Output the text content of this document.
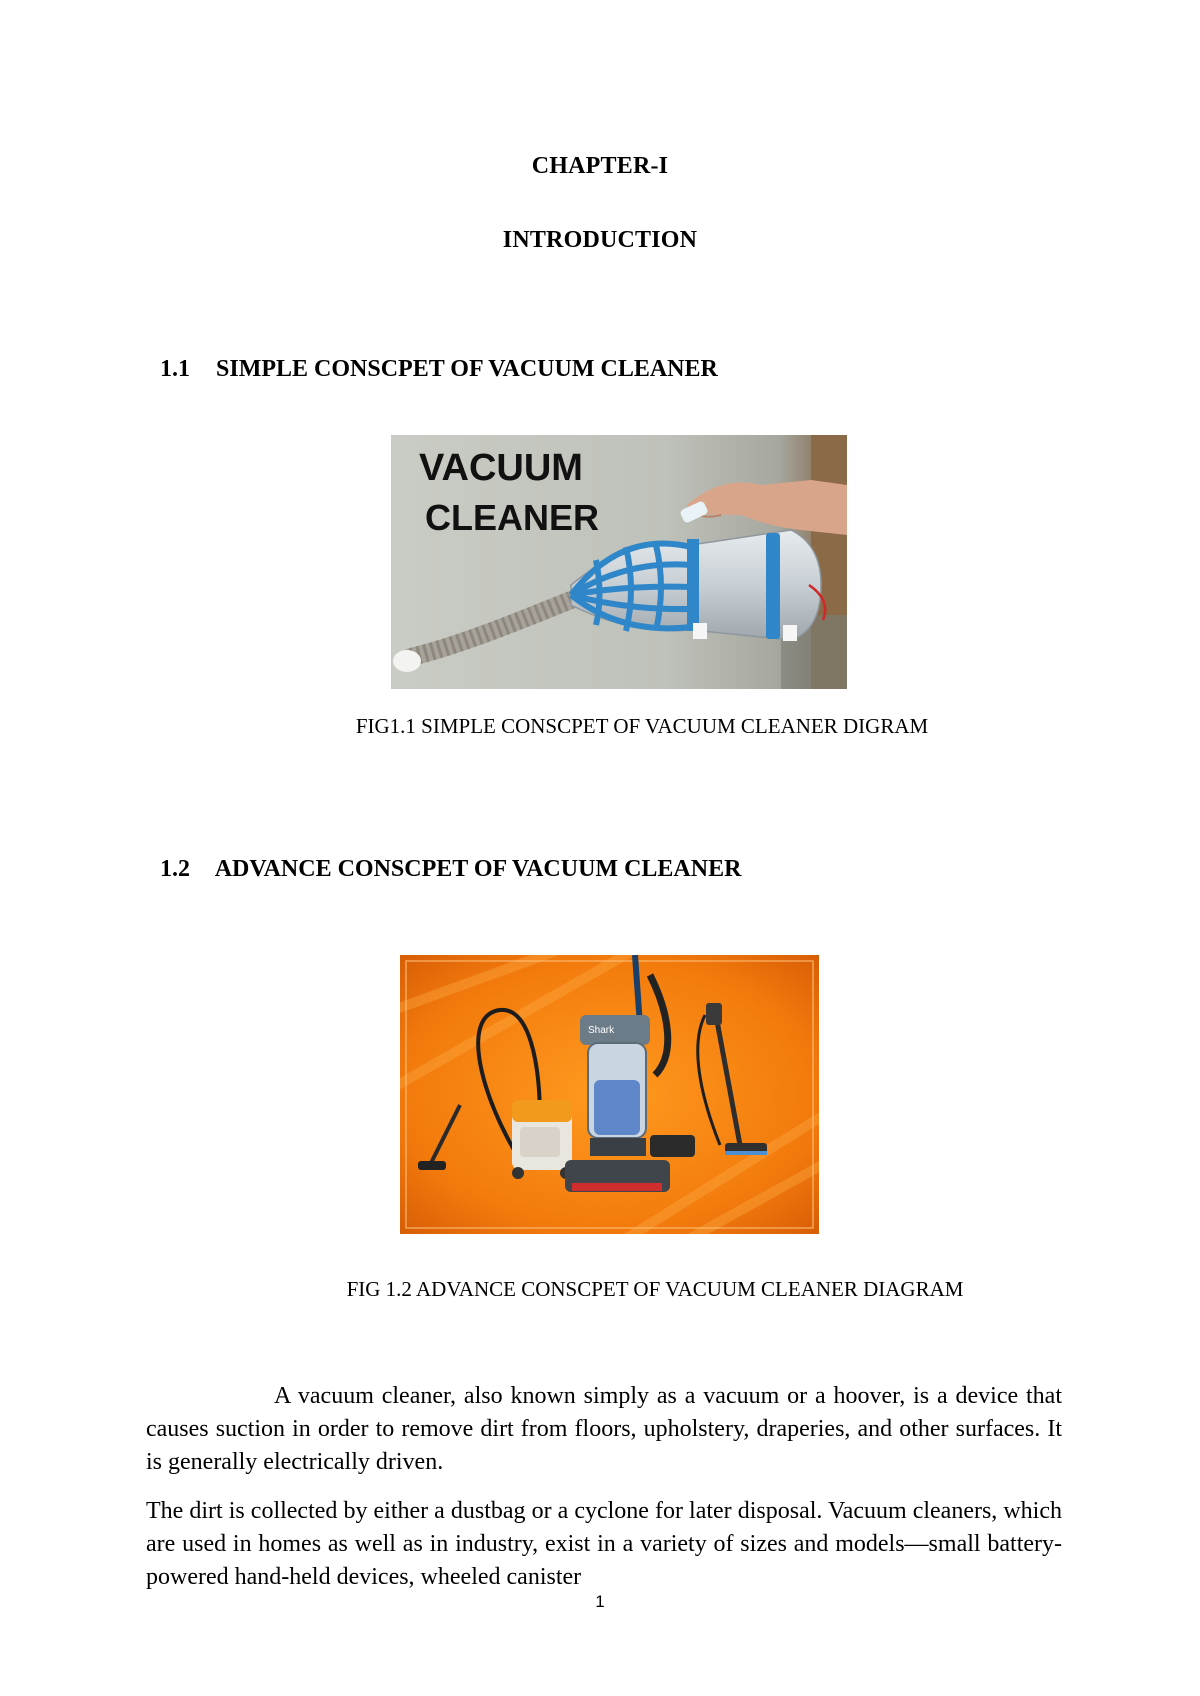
CHAPTER-I
INTRODUCTION
1.1 SIMPLE CONSCPET OF VACUUM CLEANER
VACUUM
CLEANER
FIG1.1 SIMPLE CONSCPET OF VACUUM CLEANER DIGRAM
1.2 ADVANCE CONSCPET OF VACUUM CLEANER
Shark
FIG 1.2 ADVANCE CONSCPET OF VACUUM CLEANER DIAGRAM

A vacuum cleaner, also known simply as a vacuum or a hoover, is a device that causes suction in order to remove dirt from floors, upholstery, draperies, and other surfaces. It is generally electrically driven.

The dirt is collected by either a dustbag or a cyclone for later disposal. Vacuum cleaners, which are used in homes as well as in industry, exist in a variety of sizes and models—small battery-powered hand-held devices, wheeled canister

1
